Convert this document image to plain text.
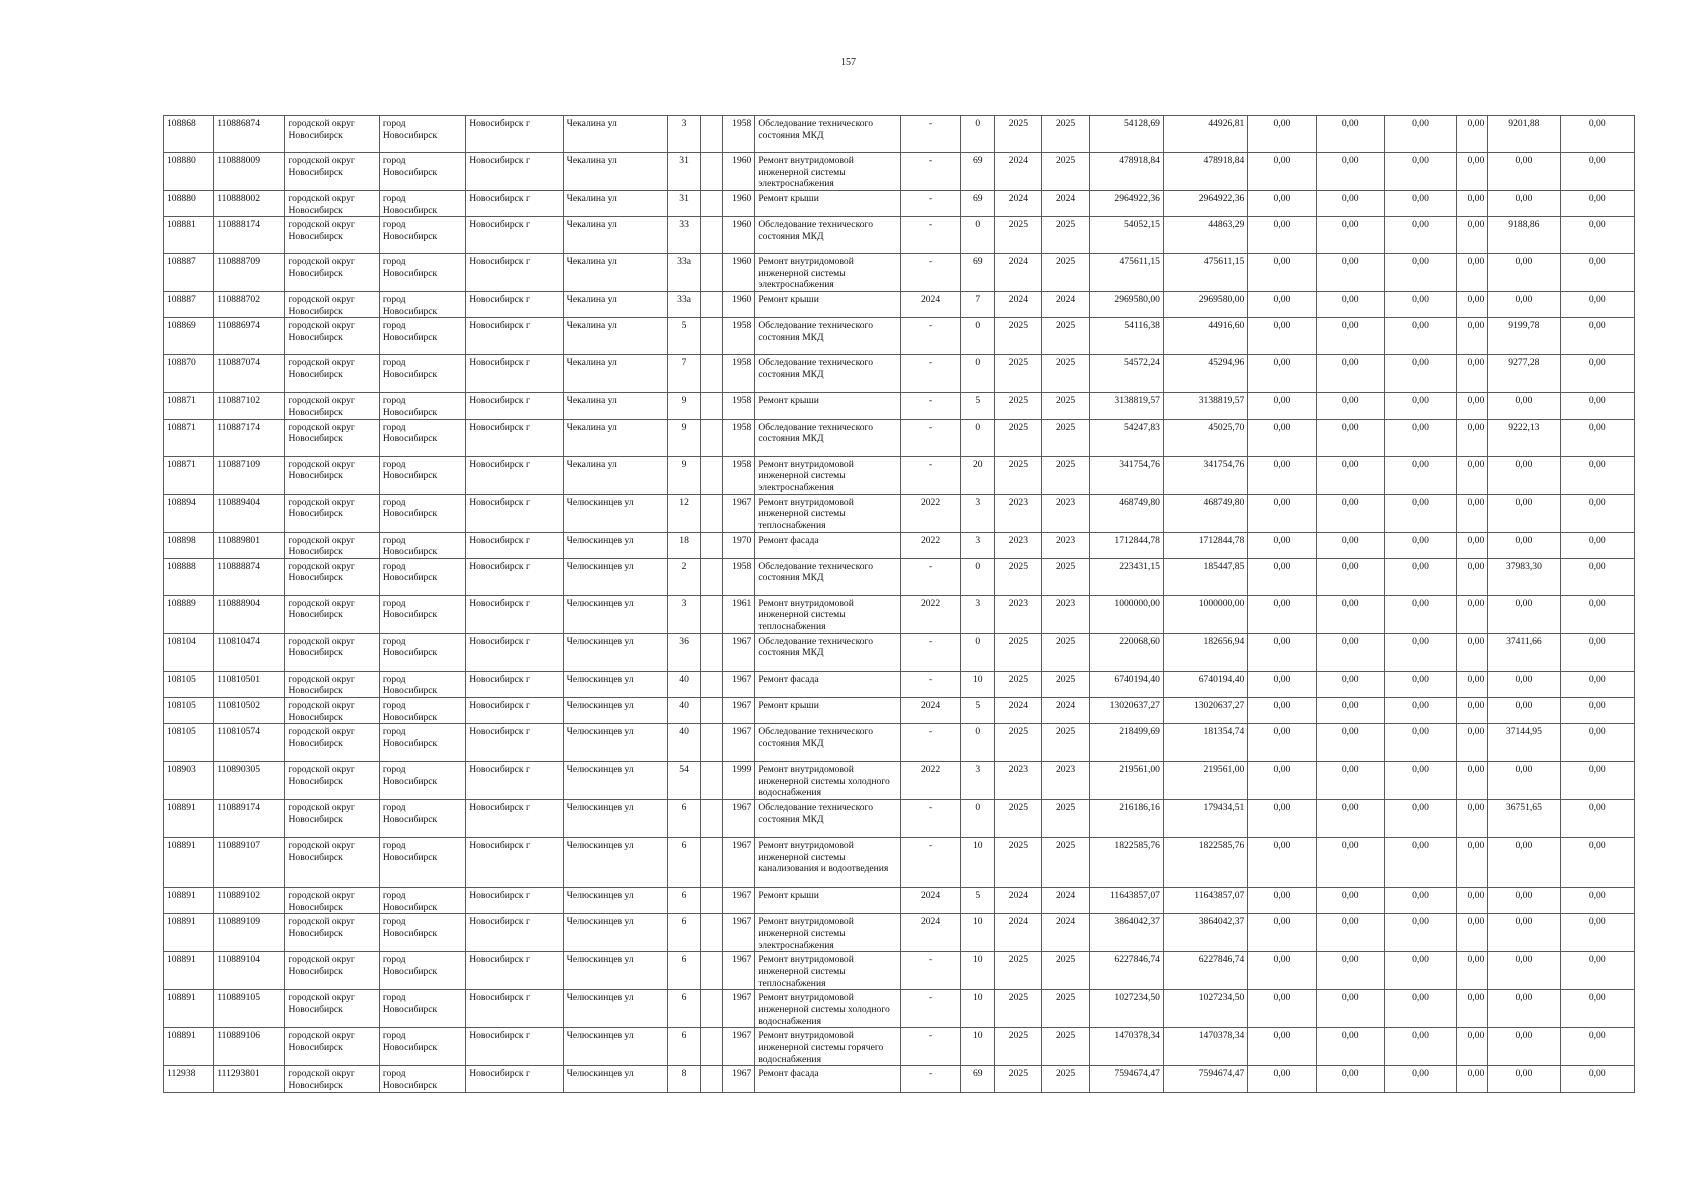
157
108868	110886874	городской округ Новосибирск	город Новосибирск	Новосибирск г	Чекалина ул	3		1958	Обследование технического состояния МКД	-	0	2025	2025	54128,69	44926,81	0,00	0,00	0,00	0,00	9201,88	0,00
108880	110888009	городской округ Новосибирск	город Новосибирск	Новосибирск г	Чекалина ул	31		1960	Ремонт внутридомовой инженерной системы электроснабжения	-	69	2024	2025	478918,84	478918,84	0,00	0,00	0,00	0,00	0,00	0,00
108880	110888002	городской округ Новосибирск	город Новосибирск	Новосибирск г	Чекалина ул	31		1960	Ремонт крыши	-	69	2024	2024	2964922,36	2964922,36	0,00	0,00	0,00	0,00	0,00	0,00
108881	110888174	городской округ Новосибирск	город Новосибирск	Новосибирск г	Чекалина ул	33		1960	Обследование технического состояния МКД	-	0	2025	2025	54052,15	44863,29	0,00	0,00	0,00	0,00	9188,86	0,00
108887	110888709	городской округ Новосибирск	город Новосибирск	Новосибирск г	Чекалина ул	33а		1960	Ремонт внутридомовой инженерной системы электроснабжения	-	69	2024	2025	475611,15	475611,15	0,00	0,00	0,00	0,00	0,00	0,00
108887	110888702	городской округ Новосибирск	город Новосибирск	Новосибирск г	Чекалина ул	33а		1960	Ремонт крыши	2024	7	2024	2024	2969580,00	2969580,00	0,00	0,00	0,00	0,00	0,00	0,00
108869	110886974	городской округ Новосибирск	город Новосибирск	Новосибирск г	Чекалина ул	5		1958	Обследование технического состояния МКД	-	0	2025	2025	54116,38	44916,60	0,00	0,00	0,00	0,00	9199,78	0,00
108870	110887074	городской округ Новосибирск	город Новосибирск	Новосибирск г	Чекалина ул	7		1958	Обследование технического состояния МКД	-	0	2025	2025	54572,24	45294,96	0,00	0,00	0,00	0,00	9277,28	0,00
108871	110887102	городской округ Новосибирск	город Новосибирск	Новосибирск г	Чекалина ул	9		1958	Ремонт крыши	-	5	2025	2025	3138819,57	3138819,57	0,00	0,00	0,00	0,00	0,00	0,00
108871	110887174	городской округ Новосибирск	город Новосибирск	Новосибирск г	Чекалина ул	9		1958	Обследование технического состояния МКД	-	0	2025	2025	54247,83	45025,70	0,00	0,00	0,00	0,00	9222,13	0,00
108871	110887109	городской округ Новосибирск	город Новосибирск	Новосибирск г	Чекалина ул	9		1958	Ремонт внутридомовой инженерной системы электроснабжения	-	20	2025	2025	341754,76	341754,76	0,00	0,00	0,00	0,00	0,00	0,00
108894	110889404	городской округ Новосибирск	город Новосибирск	Новосибирск г	Челюскинцев ул	12		1967	Ремонт внутридомовой инженерной системы теплоснабжения	2022	3	2023	2023	468749,80	468749,80	0,00	0,00	0,00	0,00	0,00	0,00
108898	110889801	городской округ Новосибирск	город Новосибирск	Новосибирск г	Челюскинцев ул	18		1970	Ремонт фасада	2022	3	2023	2023	1712844,78	1712844,78	0,00	0,00	0,00	0,00	0,00	0,00
108888	110888874	городской округ Новосибирск	город Новосибирск	Новосибирск г	Челюскинцев ул	2		1958	Обследование технического состояния МКД	-	0	2025	2025	223431,15	185447,85	0,00	0,00	0,00	0,00	37983,30	0,00
108889	110888904	городской округ Новосибирск	город Новосибирск	Новосибирск г	Челюскинцев ул	3		1961	Ремонт внутридомовой инженерной системы теплоснабжения	2022	3	2023	2023	1000000,00	1000000,00	0,00	0,00	0,00	0,00	0,00	0,00
108104	110810474	городской округ Новосибирск	город Новосибирск	Новосибирск г	Челюскинцев ул	36		1967	Обследование технического состояния МКД	-	0	2025	2025	220068,60	182656,94	0,00	0,00	0,00	0,00	37411,66	0,00
108105	110810501	городской округ Новосибирск	город Новосибирск	Новосибирск г	Челюскинцев ул	40		1967	Ремонт фасада	-	10	2025	2025	6740194,40	6740194,40	0,00	0,00	0,00	0,00	0,00	0,00
108105	110810502	городской округ Новосибирск	город Новосибирск	Новосибирск г	Челюскинцев ул	40		1967	Ремонт крыши	2024	5	2024	2024	13020637,27	13020637,27	0,00	0,00	0,00	0,00	0,00	0,00
108105	110810574	городской округ Новосибирск	город Новосибирск	Новосибирск г	Челюскинцев ул	40		1967	Обследование технического состояния МКД	-	0	2025	2025	218499,69	181354,74	0,00	0,00	0,00	0,00	37144,95	0,00
108903	110890305	городской округ Новосибирск	город Новосибирск	Новосибирск г	Челюскинцев ул	54		1999	Ремонт внутридомовой инженерной системы холодного водоснабжения	2022	3	2023	2023	219561,00	219561,00	0,00	0,00	0,00	0,00	0,00	0,00
108891	110889174	городской округ Новосибирск	город Новосибирск	Новосибирск г	Челюскинцев ул	6		1967	Обследование технического состояния МКД	-	0	2025	2025	216186,16	179434,51	0,00	0,00	0,00	0,00	36751,65	0,00
108891	110889107	городской округ Новосибирск	город Новосибирск	Новосибирск г	Челюскинцев ул	6		1967	Ремонт внутридомовой инженерной системы канализования и водоотведения	-	10	2025	2025	1822585,76	1822585,76	0,00	0,00	0,00	0,00	0,00	0,00
108891	110889102	городской округ Новосибирск	город Новосибирск	Новосибирск г	Челюскинцев ул	6		1967	Ремонт крыши	2024	5	2024	2024	11643857,07	11643857,07	0,00	0,00	0,00	0,00	0,00	0,00
108891	110889109	городской округ Новосибирск	город Новосибирск	Новосибирск г	Челюскинцев ул	6		1967	Ремонт внутридомовой инженерной системы электроснабжения	2024	10	2024	2024	3864042,37	3864042,37	0,00	0,00	0,00	0,00	0,00	0,00
108891	110889104	городской округ Новосибирск	город Новосибирск	Новосибирск г	Челюскинцев ул	6		1967	Ремонт внутридомовой инженерной системы теплоснабжения	-	10	2025	2025	6227846,74	6227846,74	0,00	0,00	0,00	0,00	0,00	0,00
108891	110889105	городской округ Новосибирск	город Новосибирск	Новосибирск г	Челюскинцев ул	6		1967	Ремонт внутридомовой инженерной системы холодного водоснабжения	-	10	2025	2025	1027234,50	1027234,50	0,00	0,00	0,00	0,00	0,00	0,00
108891	110889106	городской округ Новосибирск	город Новосибирск	Новосибирск г	Челюскинцев ул	6		1967	Ремонт внутридомовой инженерной системы горячего водоснабжения	-	10	2025	2025	1470378,34	1470378,34	0,00	0,00	0,00	0,00	0,00	0,00
112938	111293801	городской округ Новосибирск	город Новосибирск	Новосибирск г	Челюскинцев ул	8		1967	Ремонт фасада	-	69	2025	2025	7594674,47	7594674,47	0,00	0,00	0,00	0,00	0,00	0,00
